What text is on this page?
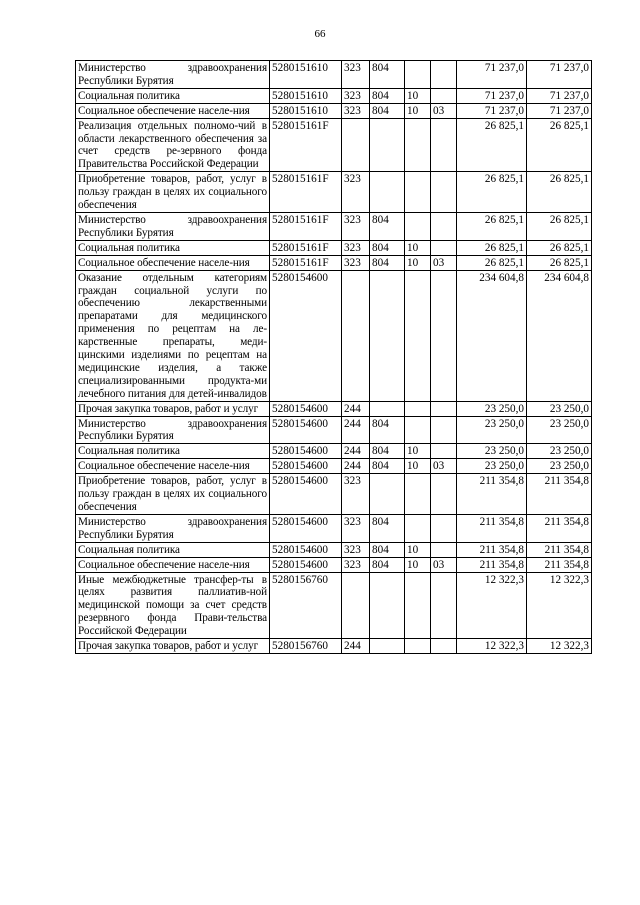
66
Министерство здравоохранения Республики Бурятия	5280151610	323	804			71 237,0	71 237,0
Социальная политика	5280151610	323	804	10		71 237,0	71 237,0
Социальное обеспечение населе-ния	5280151610	323	804	10	03	71 237,0	71 237,0
Реализация отдельных полномо-чий в области лекарственного обеспечения за счет средств ре-зервного фонда Правительства Российской Федерации	528015161F					26 825,1	26 825,1
Приобретение товаров, работ, услуг в пользу граждан в целях их социального обеспечения	528015161F	323				26 825,1	26 825,1
Министерство здравоохранения Республики Бурятия	528015161F	323	804			26 825,1	26 825,1
Социальная политика	528015161F	323	804	10		26 825,1	26 825,1
Социальное обеспечение населе-ния	528015161F	323	804	10	03	26 825,1	26 825,1
Оказание отдельным категориям граждан социальной услуги по обеспечению лекарственными препаратами для медицинского применения по рецептам на ле-карственные препараты, меди-цинскими изделиями по рецептам на медицинские изделия, а также специализированными продукта-ми лечебного питания для детей-инвалидов	5280154600					234 604,8	234 604,8
Прочая закупка товаров, работ и услуг	5280154600	244				23 250,0	23 250,0
Министерство здравоохранения Республики Бурятия	5280154600	244	804			23 250,0	23 250,0
Социальная политика	5280154600	244	804	10		23 250,0	23 250,0
Социальное обеспечение населе-ния	5280154600	244	804	10	03	23 250,0	23 250,0
Приобретение товаров, работ, услуг в пользу граждан в целях их социального обеспечения	5280154600	323				211 354,8	211 354,8
Министерство здравоохранения Республики Бурятия	5280154600	323	804			211 354,8	211 354,8
Социальная политика	5280154600	323	804	10		211 354,8	211 354,8
Социальное обеспечение населе-ния	5280154600	323	804	10	03	211 354,8	211 354,8
Иные межбюджетные трансфер-ты в целях развития паллиатив-ной медицинской помощи за счет средств резервного фонда Прави-тельства Российской Федерации	5280156760					12 322,3	12 322,3
Прочая закупка товаров, работ и услуг	5280156760	244				12 322,3	12 322,3
